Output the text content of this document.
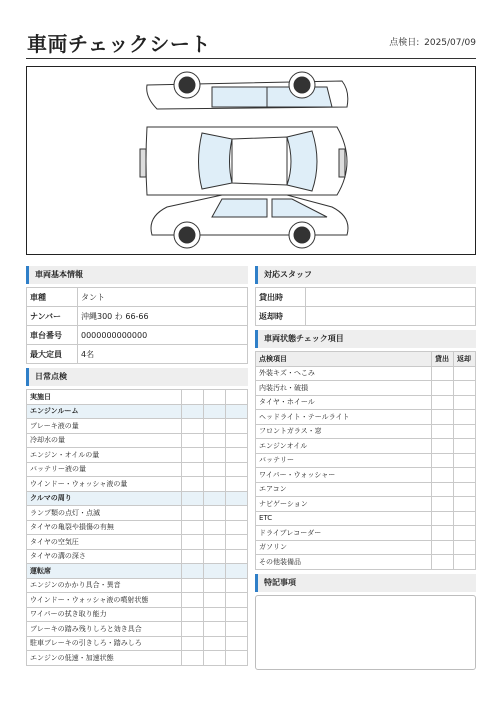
車両チェックシート	点検日: 2025/07/09
車両基本情報
車種	タント
ナンバー	沖縄300 わ 66-66
車台番号	0000000000000
最大定員	4名
日常点検
実施日			
エンジンルーム			
ブレーキ液の量			
冷却水の量			
エンジン・オイルの量			
バッテリー液の量			
ウインドー・ウォッシャ液の量			
クルマの周り			
ランプ類の点灯・点滅			
タイヤの亀裂や損傷の有無			
タイヤの空気圧			
タイヤの溝の深さ			
運転席			
エンジンのかかり具合・異音			
ウインドー・ウォッシャ液の噴射状態			
ワイパーの拭き取り能力			
ブレーキの踏み残りしろと効き具合			
駐車ブレーキの引きしろ・踏みしろ			
エンジンの低速・加速状態			
対応スタッフ
貸出時	
返却時	
車両状態チェック項目
点検項目	貸出	返却
外装キズ・へこみ		
内装汚れ・破損		
タイヤ・ホイール		
ヘッドライト・テールライト		
フロントガラス・窓		
エンジンオイル		
バッテリー		
ワイパー・ウォッシャー		
エアコン		
ナビゲーション		
ETC		
ドライブレコーダー		
ガソリン		
その他装備品		
特記事項
